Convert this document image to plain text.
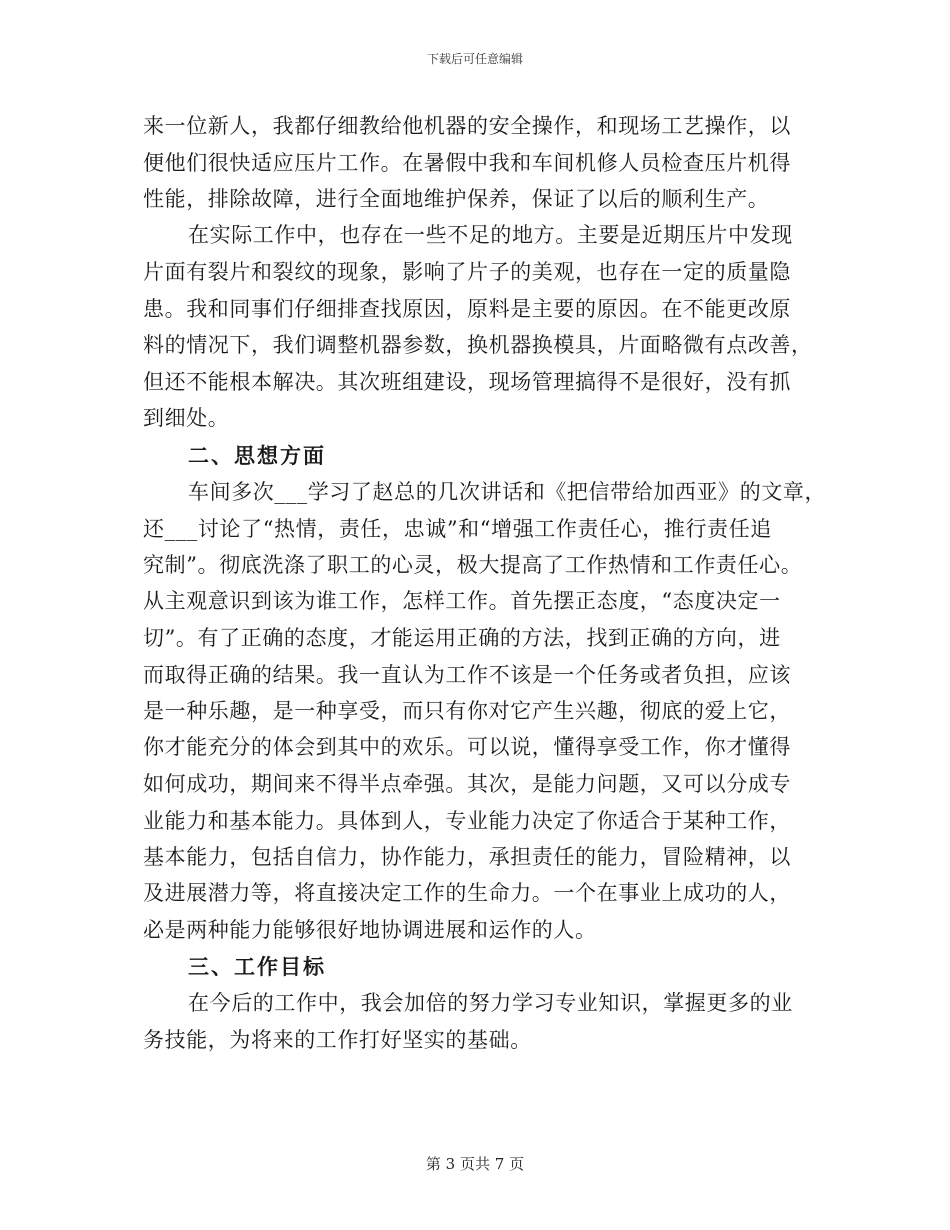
下载后可任意编辑
来一位新人，我都仔细教给他机器的安全操作，和现场工艺操作，以
便他们很快适应压片工作。在暑假中我和车间机修人员检查压片机得
性能，排除故障，进行全面地维护保养，保证了以后的顺利生产。
在实际工作中，也存在一些不足的地方。主要是近期压片中发现
片面有裂片和裂纹的现象，影响了片子的美观，也存在一定的质量隐
患。我和同事们仔细排查找原因，原料是主要的原因。在不能更改原
料的情况下，我们调整机器参数，换机器换模具，片面略微有点改善，
但还不能根本解决。其次班组建设，现场管理搞得不是很好，没有抓
到细处。
二、思想方面
车间多次___学习了赵总的几次讲话和《把信带给加西亚》的文章，
还___讨论了“热情，责任，忠诚”和“增强工作责任心，推行责任追
究制”。彻底洗涤了职工的心灵，极大提高了工作热情和工作责任心。
从主观意识到该为谁工作，怎样工作。首先摆正态度，“态度决定一
切”。有了正确的态度，才能运用正确的方法，找到正确的方向，进
而取得正确的结果。我一直认为工作不该是一个任务或者负担，应该
是一种乐趣，是一种享受，而只有你对它产生兴趣，彻底的爱上它，
你才能充分的体会到其中的欢乐。可以说，懂得享受工作，你才懂得
如何成功，期间来不得半点牵强。其次，是能力问题，又可以分成专
业能力和基本能力。具体到人，专业能力决定了你适合于某种工作，
基本能力，包括自信力，协作能力，承担责任的能力，冒险精神，以
及进展潜力等，将直接决定工作的生命力。一个在事业上成功的人，
必是两种能力能够很好地协调进展和运作的人。
三、工作目标
在今后的工作中，我会加倍的努力学习专业知识，掌握更多的业
务技能，为将来的工作打好坚实的基础。
第 3 页共 7 页
